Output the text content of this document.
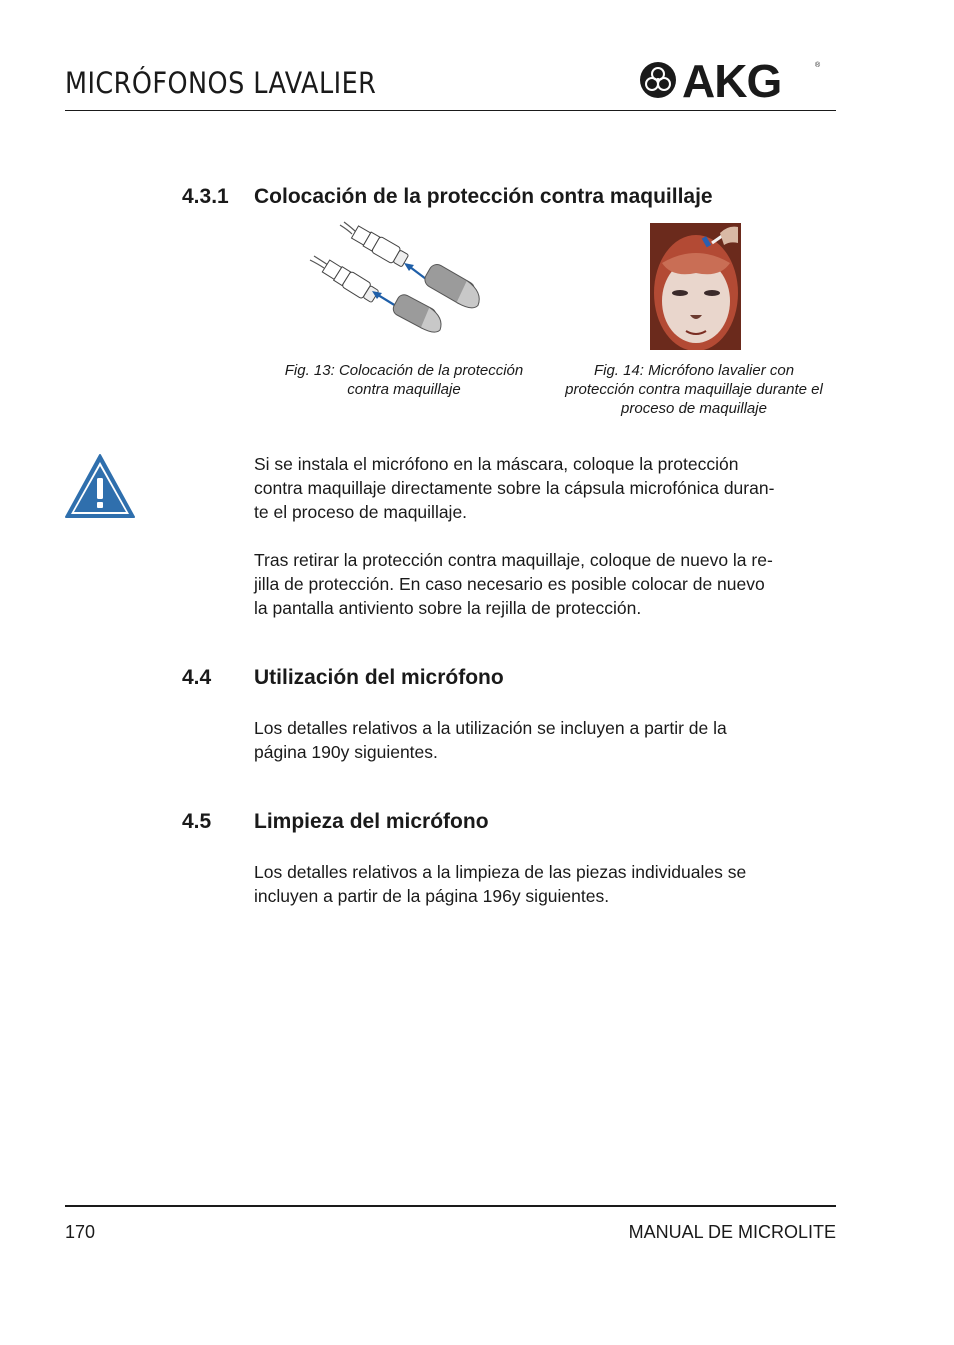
MICRÓFONOS LAVALIER	AKG	®
4.3.1 Colocación de la protección contra maquillaje
Fig. 13: Colocación de la protección
contra maquillaje
Fig. 14: Micrófono lavalier con
protección contra maquillaje durante el
proceso de maquillaje
Si se instala el micrófono en la máscara, coloque la protección
contra maquillaje directamente sobre la cápsula microfónica duran-
te el proceso de maquillaje.
Tras retirar la protección contra maquillaje, coloque de nuevo la re-
jilla de protección. En caso necesario es posible colocar de nuevo
la pantalla antiviento sobre la rejilla de protección.
4.4 Utilización del micrófono
Los detalles relativos a la utilización se incluyen a partir de la
página 190y siguientes.
4.5 Limpieza del micrófono
Los detalles relativos a la limpieza de las piezas individuales se
incluyen a partir de la página 196y siguientes.
170	MANUAL DE MICROLITE
